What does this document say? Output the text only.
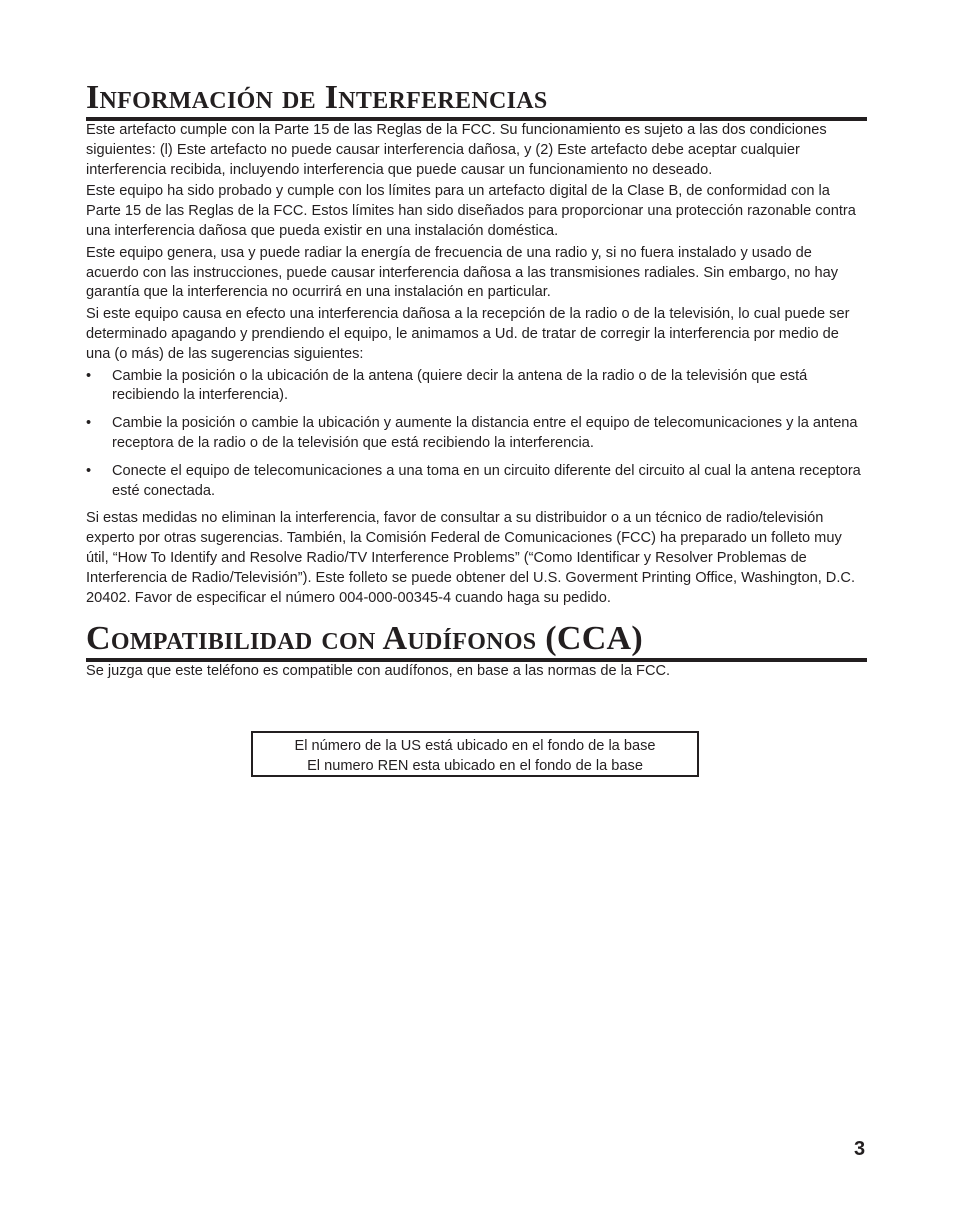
Información de Interferencias

Este artefacto cumple con la Parte 15 de las Reglas de la FCC. Su funcionamiento es sujeto a las dos condiciones siguientes: (l) Este artefacto no puede causar interferencia dañosa, y (2) Este artefacto debe aceptar cualquier interferencia recibida, incluyendo interferencia que puede causar un funcionamiento no deseado.

Este equipo ha sido probado y cumple con los límites para un artefacto digital de la Clase B, de conformidad con la Parte 15 de las Reglas de la FCC. Estos límites han sido diseñados para proporcionar una protección razonable contra una interferencia dañosa que pueda existir en una instalación doméstica.

Este equipo genera, usa y puede radiar la energía de frecuencia de una radio y, si no fuera instalado y usado de acuerdo con las instrucciones, puede causar interferencia dañosa a las transmisiones radiales. Sin embargo, no hay garantía que la interferencia no ocurrirá en una instalación en particular.

Si este equipo causa en efecto una interferencia dañosa a la recepción de la radio o de la televisión, lo cual puede ser determinado apagando y prendiendo el equipo, le animamos a Ud. de tratar de corregir la interferencia por medio de una (o más) de las sugerencias siguientes:

• Cambie la posición o la ubicación de la antena (quiere decir la antena de la radio o de la televisión que está recibiendo la interferencia).
• Cambie la posición o cambie la ubicación y aumente la distancia entre el equipo de telecomunicaciones y la antena receptora de la radio o de la televisión que está recibiendo la interferencia.
• Conecte el equipo de telecomunicaciones a una toma en un circuito diferente del circuito al cual la antena receptora esté conectada.

Si estas medidas no eliminan la interferencia, favor de consultar a su distribuidor o a un técnico de radio/televisión experto por otras sugerencias. También, la Comisión Federal de Comunicaciones (FCC) ha preparado un folleto muy útil, “How To Identify and Resolve Radio/TV Interference Problems” (“Como Identificar y Resolver Problemas de Interferencia de Radio/Televisión”). Este folleto se puede obtener del U.S. Goverment Printing Office, Washington, D.C. 20402. Favor de especificar el número 004-000-00345-4 cuando haga su pedido.

Compatibilidad con Audífonos (CCA)

Se juzga que este teléfono es compatible con audífonos, en base a las normas de la FCC.

El número de la US está ubicado en el fondo de la base
El numero REN esta ubicado en el fondo de la base
3
